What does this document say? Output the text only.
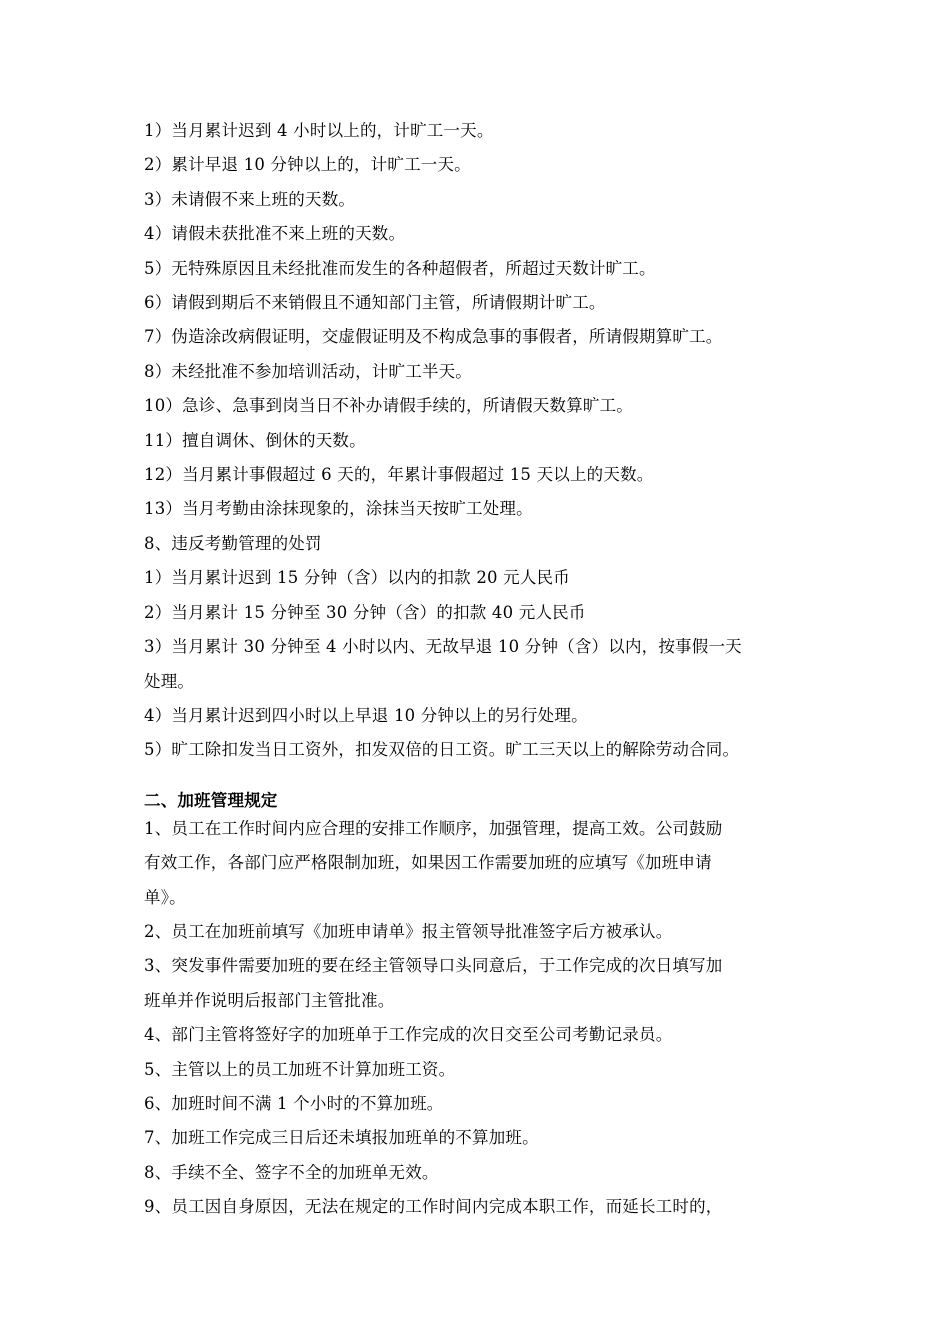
1）当月累计迟到 4 小时以上的，计旷工一天。
2）累计早退 10 分钟以上的，计旷工一天。
3）未请假不来上班的天数。
4）请假未获批准不来上班的天数。
5）无特殊原因且未经批准而发生的各种超假者，所超过天数计旷工。
6）请假到期后不来销假且不通知部门主管，所请假期计旷工。
7）伪造涂改病假证明，交虚假证明及不构成急事的事假者，所请假期算旷工。
8）未经批准不参加培训活动，计旷工半天。
10）急诊、急事到岗当日不补办请假手续的，所请假天数算旷工。
11）擅自调休、倒休的天数。
12）当月累计事假超过 6 天的，年累计事假超过 15 天以上的天数。
13）当月考勤由涂抹现象的，涂抹当天按旷工处理。
8、违反考勤管理的处罚
1）当月累计迟到 15 分钟（含）以内的扣款 20 元人民币
2）当月累计 15 分钟至 30 分钟（含）的扣款 40 元人民币
3）当月累计 30 分钟至 4 小时以内、无故早退 10 分钟（含）以内，按事假一天
处理。
4）当月累计迟到四小时以上早退 10 分钟以上的另行处理。
5）旷工除扣发当日工资外，扣发双倍的日工资。旷工三天以上的解除劳动合同。
二、加班管理规定
1、员工在工作时间内应合理的安排工作顺序，加强管理，提高工效。公司鼓励
有效工作，各部门应严格限制加班，如果因工作需要加班的应填写《加班申请
单》。
2、员工在加班前填写《加班申请单》报主管领导批准签字后方被承认。
3、突发事件需要加班的要在经主管领导口头同意后，于工作完成的次日填写加
班单并作说明后报部门主管批准。
4、部门主管将签好字的加班单于工作完成的次日交至公司考勤记录员。
5、主管以上的员工加班不计算加班工资。
6、加班时间不满 1 个小时的不算加班。
7、加班工作完成三日后还未填报加班单的不算加班。
8、手续不全、签字不全的加班单无效。
9、员工因自身原因，无法在规定的工作时间内完成本职工作，而延长工时的，
